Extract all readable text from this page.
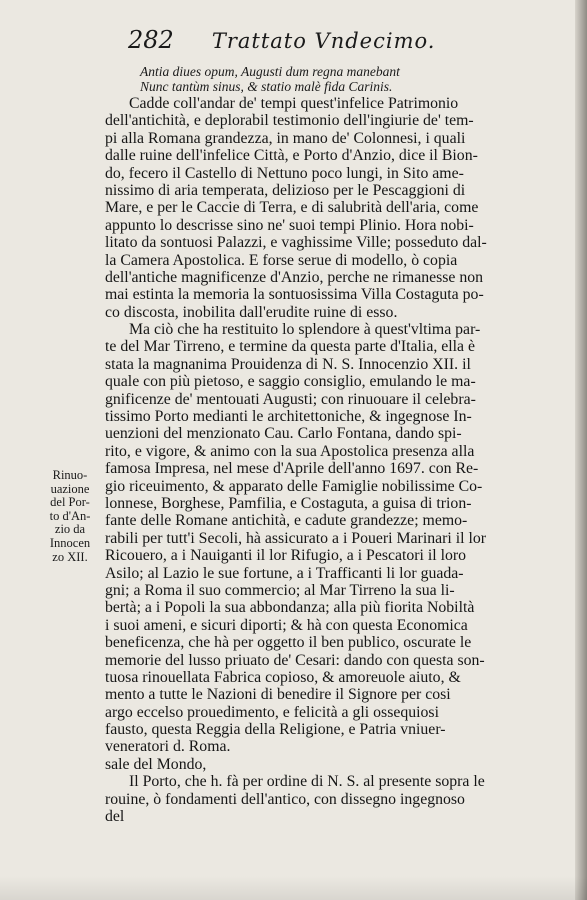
282 Trattato Vndecimo.
Antia diues opum, Augusti dum regna manebant
Nunc tantùm sinus, & statio malè fida Carinis.
Rinuo-
uazione
del Por-
to d'An-
zio da
Innocen
zo XII.
Cadde coll'andar de' tempi quest'infelice Patrimonio
dell'antichità, e deplorabil testimonio dell'ingiurie de' tem-
pi alla Romana grandezza, in mano de' Colonnesi, i quali
dalle ruine dell'infelice Città, e Porto d'Anzio, dice il Bion-
do, fecero il Castello di Nettuno poco lungi, in Sito ame-
nissimo di aria temperata, delizioso per le Pescaggioni di
Mare, e per le Caccie di Terra, e di salubrità dell'aria, come
appunto lo descrisse sino ne' suoi tempi Plinio. Hora nobi-
litato da sontuosi Palazzi, e vaghissime Ville; posseduto dal-
la Camera Apostolica. E forse serue di modello, ò copia
dell'antiche magnificenze d'Anzio, perche ne rimanesse non
mai estinta la memoria la sontuosissima Villa Costaguta po-
co discosta, inobilita dall'erudite ruine di esso.
Ma ciò che ha restituito lo splendore à quest'vltima par-
te del Mar Tirreno, e termine da questa parte d'Italia, ella è
stata la magnanima Prouidenza di N. S. Innocenzio XII. il
quale con più pietoso, e saggio consiglio, emulando le ma-
gnificenze de' mentouati Augusti; con rinuouare il celebra-
tissimo Porto medianti le architettoniche, & ingegnose In-
uenzioni del menzionato Cau. Carlo Fontana, dando spi-
rito, e vigore, & animo con la sua Apostolica presenza alla
famosa Impresa, nel mese d'Aprile dell'anno 1697. con Re-
gio riceuimento, & apparato delle Famiglie nobilissime Co-
lonnese, Borghese, Pamfilia, e Costaguta, a guisa di trion-
fante delle Romane antichità, e cadute grandezze; memo-
rabili per tutt'i Secoli, hà assicurato a i Poueri Marinari il lor
Ricouero, a i Nauiganti il lor Rifugio, a i Pescatori il loro
Asilo; al Lazio le sue fortune, a i Trafficanti li lor guada-
gni; a Roma il suo commercio; al Mar Tirreno la sua li-
bertà; a i Popoli la sua abbondanza; alla più fiorita Nobiltà
i suoi ameni, e sicuri diporti; & hà con questa Economica
beneficenza, che hà per oggetto il ben publico, oscurate le
memorie del lusso priuato de' Cesari: dando con questa son-
tuosa rinouellata Fabrica copioso, & amoreuole aiuto, &
mento a tutte le Nazioni di benedire il Signore per cosi
argo eccelso prouedimento, e felicità a gli ossequiosi
fausto, questa Reggia della Religione, e Patria vniuer-
veneratori d. Roma.
sale del Mondo,
Il Porto, che h. fà per ordine di N. S. al presente sopra le
rouine, ò fondamenti dell'antico, con dissegno ingegnoso
del
